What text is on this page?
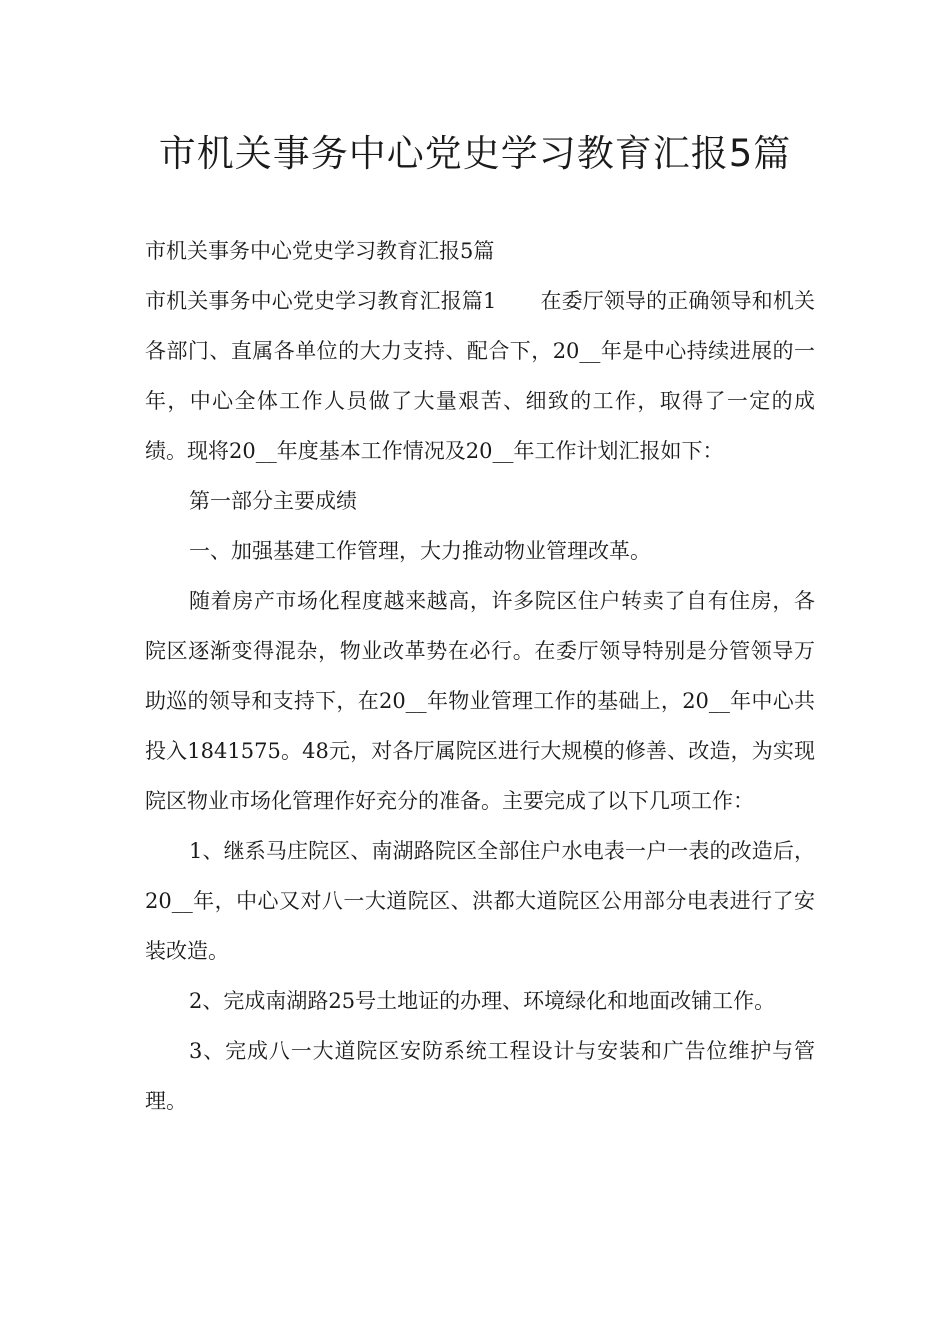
市机关事务中心党史学习教育汇报5篇

市机关事务中心党史学习教育汇报5篇

市机关事务中心党史学习教育汇报篇1 在委厅领导的正确领导和机关各部门、直属各单位的大力支持、配合下，20__年是中心持续进展的一年，中心全体工作人员做了大量艰苦、细致的工作，取得了一定的成绩。现将20__年度基本工作情况及20__年工作计划汇报如下：

第一部分主要成绩

一、加强基建工作管理，大力推动物业管理改革。

随着房产市场化程度越来越高，许多院区住户转卖了自有住房，各院区逐渐变得混杂，物业改革势在必行。在委厅领导特别是分管领导万助巡的领导和支持下，在20__年物业管理工作的基础上，20__年中心共投入1841575。48元，对各厅属院区进行大规模的修善、改造，为实现院区物业市场化管理作好充分的准备。主要完成了以下几项工作：

1、继系马庄院区、南湖路院区全部住户水电表一户一表的改造后，20__年，中心又对八一大道院区、洪都大道院区公用部分电表进行了安装改造。

2、完成南湖路25号土地证的办理、环境绿化和地面改铺工作。

3、完成八一大道院区安防系统工程设计与安装和广告位维护与管理。
